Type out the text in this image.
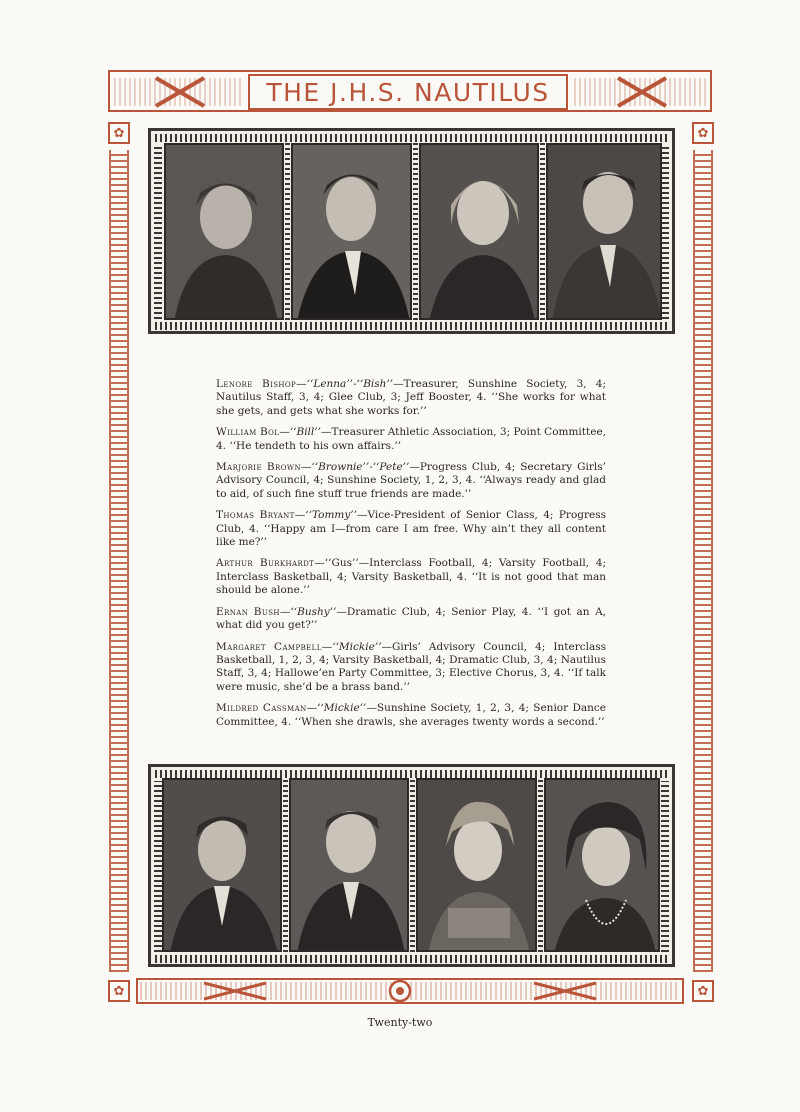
THE J.H.S. NAUTILUS
✿	✿
✿	✿

Lenore Bishop—‘‘Lenna’’-‘‘Bish’’—Treasurer, Sunshine Society, 3, 4; Nautilus Staff, 3, 4; Glee Club, 3; Jeff Booster, 4. ‘‘She works for what she gets, and gets what she works for.’’

William Bol—‘‘Bill’’—Treasurer Athletic Association, 3; Point Committee, 4. ‘‘He tendeth to his own affairs.’’

Marjorie Brown—‘‘Brownie’’-‘‘Pete’’—Progress Club, 4; Secretary Girls’ Advisory Council, 4; Sunshine Society, 1, 2, 3, 4. ‘‘Always ready and glad to aid, of such fine stuff true friends are made.’’

Thomas Bryant—‘‘Tommy’’—Vice-President of Senior Class, 4; Progress Club, 4. ‘‘Happy am I—from care I am free. Why ain’t they all content like me?’’

Arthur Burkhardt—‘‘Gus’’—Interclass Football, 4; Varsity Football, 4; Interclass Basketball, 4; Varsity Basketball, 4. ‘‘It is not good that man should be alone.’’

Ernan Bush—‘‘Bushy’’—Dramatic Club, 4; Senior Play, 4. ‘‘I got an A, what did you get?’’

Margaret Campbell—‘‘Mickie’’—Girls’ Advisory Council, 4; Interclass Basketball, 1, 2, 3, 4; Varsity Basketball, 4; Dramatic Club, 3, 4; Nautilus Staff, 3, 4; Hallowe’en Party Committee, 3; Elective Chorus, 3, 4. ‘‘If talk were music, she’d be a brass band.’’

Mildred Cassman—‘‘Mickie’’—Sunshine Society, 1, 2, 3, 4; Senior Dance Committee, 4. ‘‘When she drawls, she averages twenty words a second.’’

Twenty-two
